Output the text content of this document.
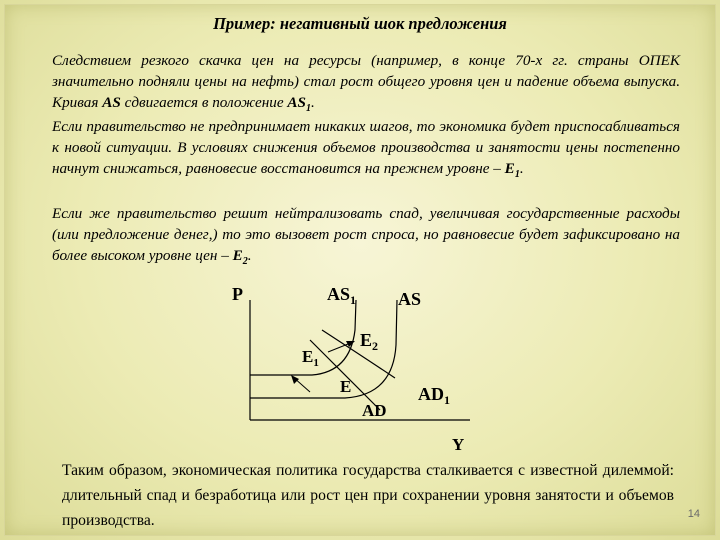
Пример: негативный шок предложения

Следствием резкого скачка цен на ресурсы (например, в конце 70-х гг. страны ОПЕК значительно подняли цены на нефть) стал рост общего уровня цен и падение объема выпуска. Кривая AS сдвигается в положение $AS_1$.

Если правительство не предпринимает никаких шагов, то экономика будет приспосабливаться к новой ситуации. В условиях снижения объемов производства и занятости цены постепенно начнут снижаться, равновесие восстановится на прежнем уровне – $E_1$.

Если же правительство решит нейтрализовать спад, увеличивая государственные расходы (или предложение денег,) то это вызовет рост спроса, но равновесие будет зафиксировано на более высоком уровне цен – $E_2$.

P
Y
$AS_1$ AS
$E_1$
$E_2$
E
AD
$AD_1$

Таким образом, экономическая политика государства сталкивается с известной дилеммой: длительный спад и безработица или рост цен при сохранении уровня занятости и объемов производства.	14
